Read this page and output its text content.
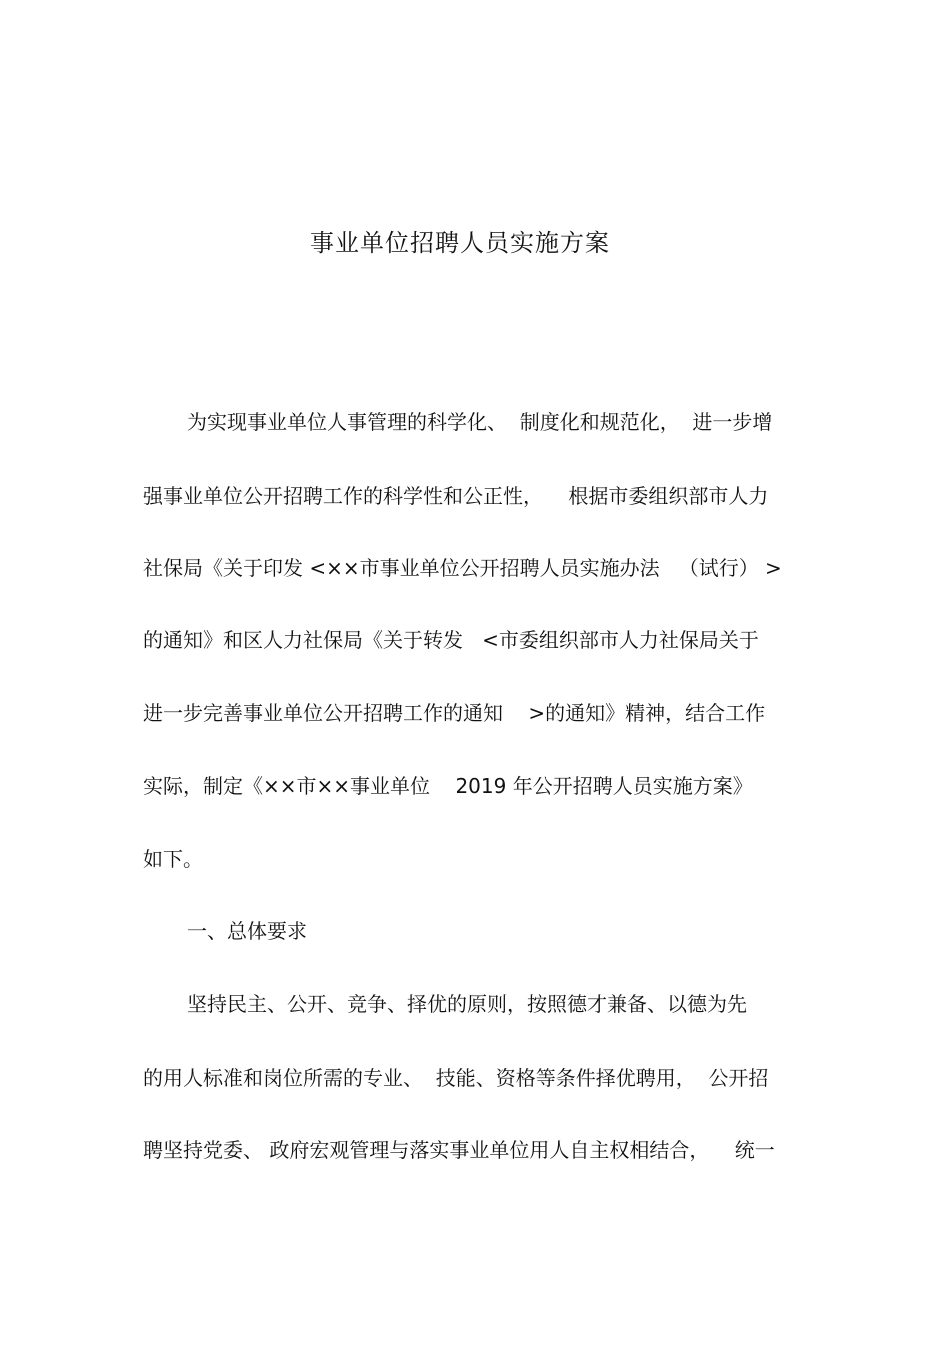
事业单位招聘人员实施方案
为实现事业单位人事管理的科学化、  制度化和规范化，  进一步增
强事业单位公开招聘工作的科学性和公正性，    根据市委组织部市人力
社保局《关于印发 <××市事业单位公开招聘人员实施办法   （试行） >
的通知》和区人力社保局《关于转发   <市委组织部市人力社保局关于
进一步完善事业单位公开招聘工作的通知    >的通知》精神，结合工作
实际，制定《××市××事业单位    2019 年公开招聘人员实施方案》
如下。
一、总体要求
坚持民主、公开、竞争、择优的原则，按照德才兼备、以德为先
的用人标准和岗位所需的专业、  技能、资格等条件择优聘用，  公开招
聘坚持党委、 政府宏观管理与落实事业单位用人自主权相结合，    统一
